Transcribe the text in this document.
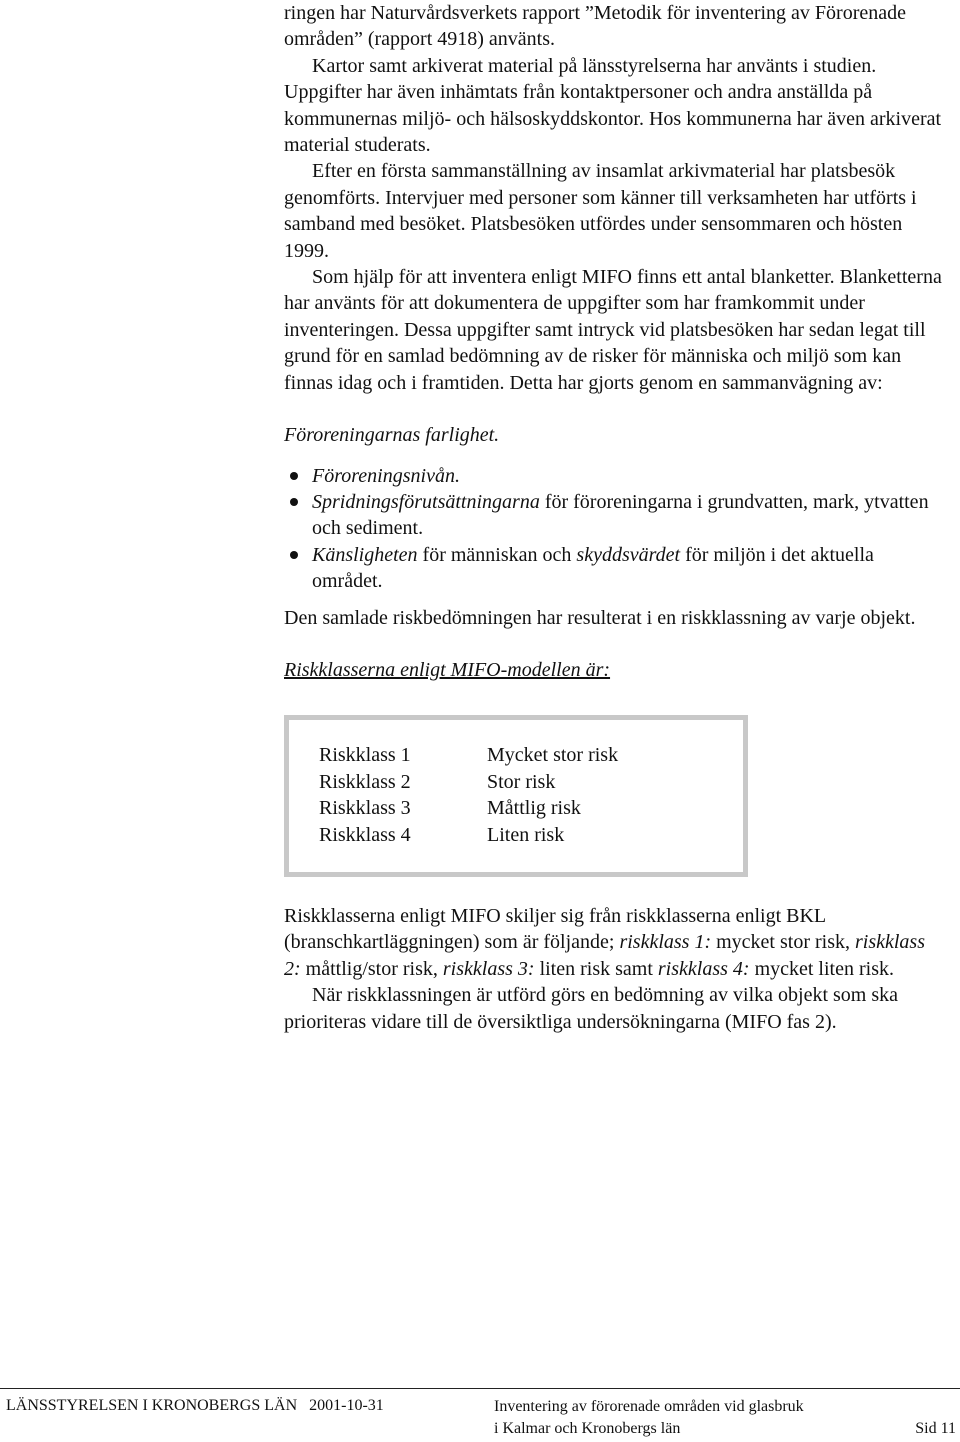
ringen har Naturvårdsverkets rapport ”Metodik för inventering av Förorenade områden” (rapport 4918) använts.

Kartor samt arkiverat material på länsstyrelserna har använts i studien. Uppgifter har även inhämtats från kontaktpersoner och andra anställda på kommunernas miljö- och hälsoskyddskontor. Hos kommunerna har även arkiverat material studerats.

Efter en första sammanställning av insamlat arkivmaterial har platsbesök genomförts. Intervjuer med personer som känner till verksamheten har utförts i samband med besöket. Platsbesöken utfördes under sensommaren och hösten 1999.

Som hjälp för att inventera enligt MIFO finns ett antal blanketter. Blanketterna har använts för att dokumentera de uppgifter som har framkommit under inventeringen. Dessa uppgifter samt intryck vid platsbesöken har sedan legat till grund för en samlad bedömning av de risker för människa och miljö som kan finnas idag och i framtiden. Detta har gjorts genom en sammanvägning av:

Föroreningarnas farlighet.

Föroreningsnivån.
Spridningsförutsättningarna för föroreningarna i grundvatten, mark, ytvatten och sediment.
Känsligheten för människan och skyddsvärdet för miljön i det aktuella området.

Den samlade riskbedömningen har resulterat i en riskklassning av varje objekt.

Riskklasserna enligt MIFO-modellen är:

Riskklass 1	Mycket stor risk
Riskklass 2	Stor risk
Riskklass 3	Måttlig risk
Riskklass 4	Liten risk

Riskklasserna enligt MIFO skiljer sig från riskklasserna enligt BKL (branschkartläggningen) som är följande; riskklass 1: mycket stor risk, riskklass 2: måttlig/stor risk, riskklass 3: liten risk samt riskklass 4: mycket liten risk.

När riskklassningen är utförd görs en bedömning av vilka objekt som ska prioriteras vidare till de översiktliga undersökningarna (MIFO fas 2).

LÄNSSTYRELSEN I KRONOBERGS LÄN   2001-10-31	Inventering av förorenade områden vid glasbruk
i Kalmar och Kronobergs län	Sid 11
